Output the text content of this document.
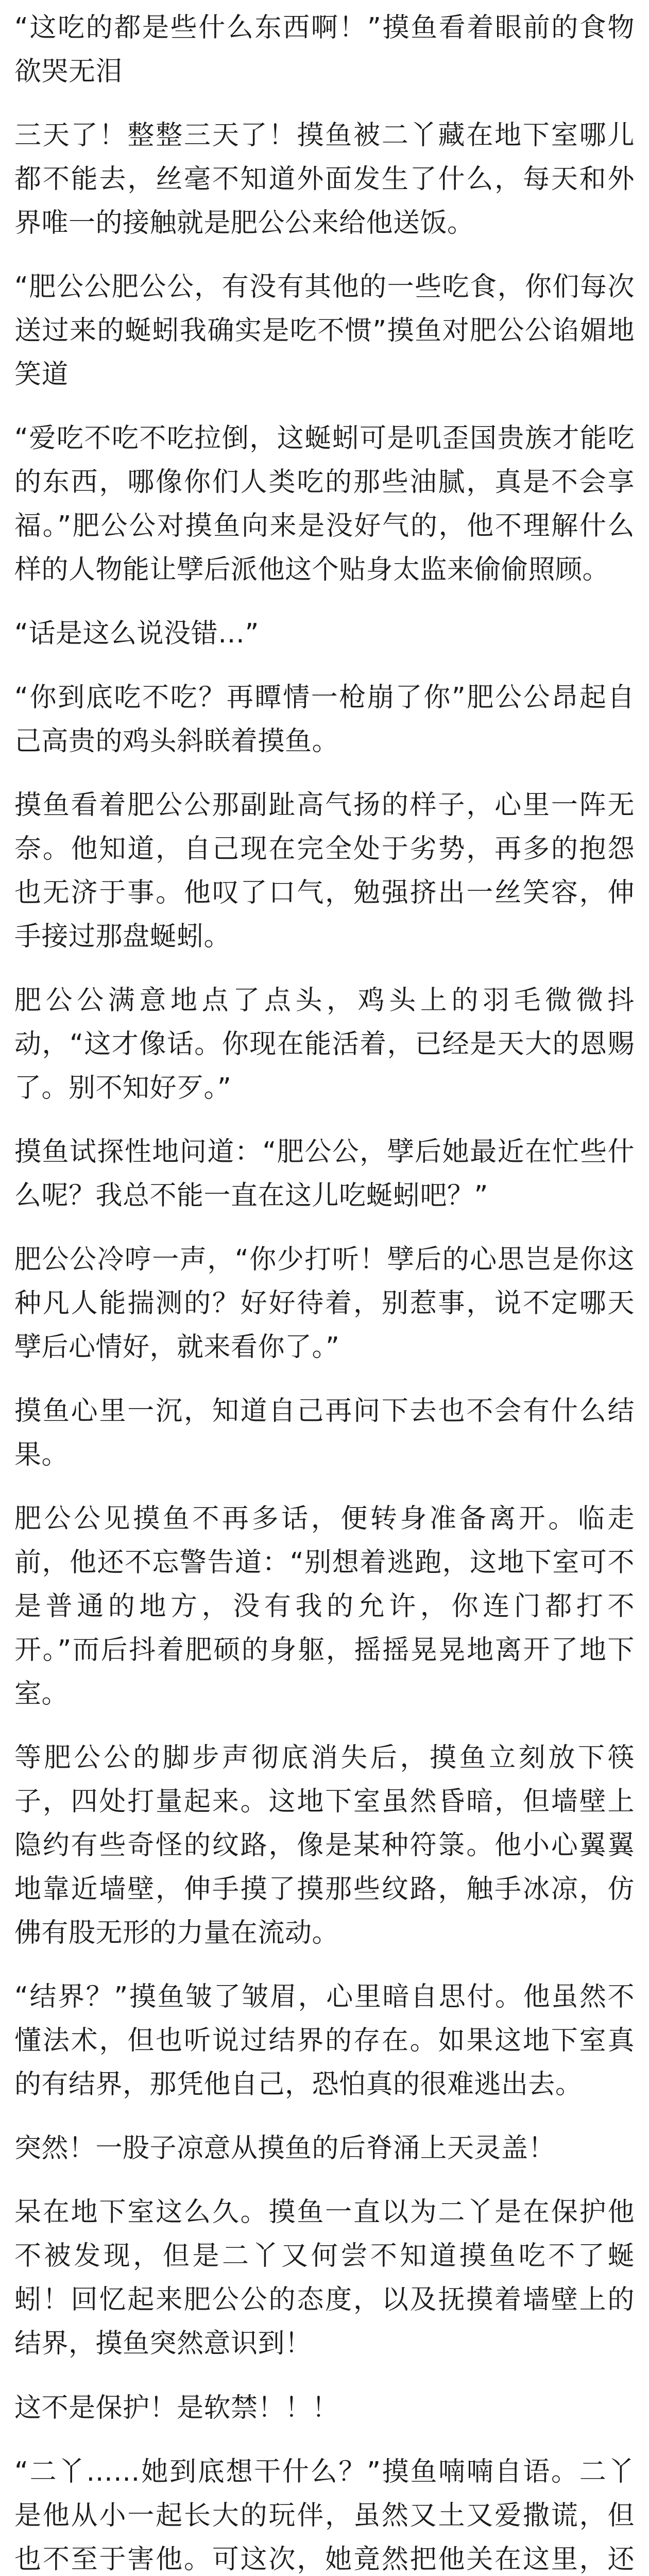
“这吃的都是些什么东西啊！”摸鱼看着眼前的食物欲哭无泪

三天了！整整三天了！摸鱼被二丫藏在地下室哪儿都不能去，丝毫不知道外面发生了什么，每天和外界唯一的接触就是肥公公来给他送饭。

“肥公公肥公公，有没有其他的一些吃食，你们每次送过来的蜒蚓我确实是吃不惯”摸鱼对肥公公谄媚地笑道

“爱吃不吃不吃拉倒，这蜒蚓可是叽歪国贵族才能吃的东西，哪像你们人类吃的那些油腻，真是不会享福。”肥公公对摸鱼向来是没好气的，他不理解什么样的人物能让孹后派他这个贴身太监来偷偷照顾。

“话是这么说没错…”

“你到底吃不吃？再瞫情一枪崩了你”肥公公昂起自己高贵的鸡头斜眹着摸鱼。

摸鱼看着肥公公那副趾高气扬的样子，心里一阵无奈。他知道，自己现在完全处于劣势，再多的抱怨也无济于事。他叹了口气，勉强挤出一丝笑容，伸手接过那盘蜒蚓。

肥公公满意地点了点头，鸡头上的羽毛微微抖动，“这才像话。你现在能活着，已经是天大的恩赐了。别不知好歹。”

摸鱼试探性地问道：“肥公公，孹后她最近在忙些什么呢？我总不能一直在这儿吃蜒蚓吧？”

肥公公冷哼一声，“你少打听！孹后的心思岂是你这种凡人能揣测的？好好待着，别惹事，说不定哪天孹后心情好，就来看你了。”

摸鱼心里一沉，知道自己再问下去也不会有什么结果。

肥公公见摸鱼不再多话，便转身准备离开。临走前，他还不忘警告道：“别想着逃跑，这地下室可不是普通的地方，没有我的允许，你连门都打不开。”而后抖着肥硕的身躯，摇摇晃晃地离开了地下室。

等肥公公的脚步声彻底消失后，摸鱼立刻放下筷子，四处打量起来。这地下室虽然昏暗，但墙壁上隐约有些奇怪的纹路，像是某种符箓。他小心翼翼地靠近墙壁，伸手摸了摸那些纹路，触手冰凉，仿佛有股无形的力量在流动。

“结界？”摸鱼皱了皱眉，心里暗自思付。他虽然不懂法术，但也听说过结界的存在。如果这地下室真的有结界，那凭他自己，恐怕真的很难逃出去。

突然！一股子凉意从摸鱼的后脊涌上天灵盖！

呆在地下室这么久。摸鱼一直以为二丫是在保护他不被发现，但是二丫又何尝不知道摸鱼吃不了蜒蚓！回忆起来肥公公的态度，以及抚摸着墙壁上的结界，摸鱼突然意识到！

这不是保护！是软禁！！！

“二丫……她到底想干什么？”摸鱼喃喃自语。二丫是他从小一起长大的玩伴，虽然又土又爱撒谎，但也不至于害他。可这次，她竟然把他关在这里，还
